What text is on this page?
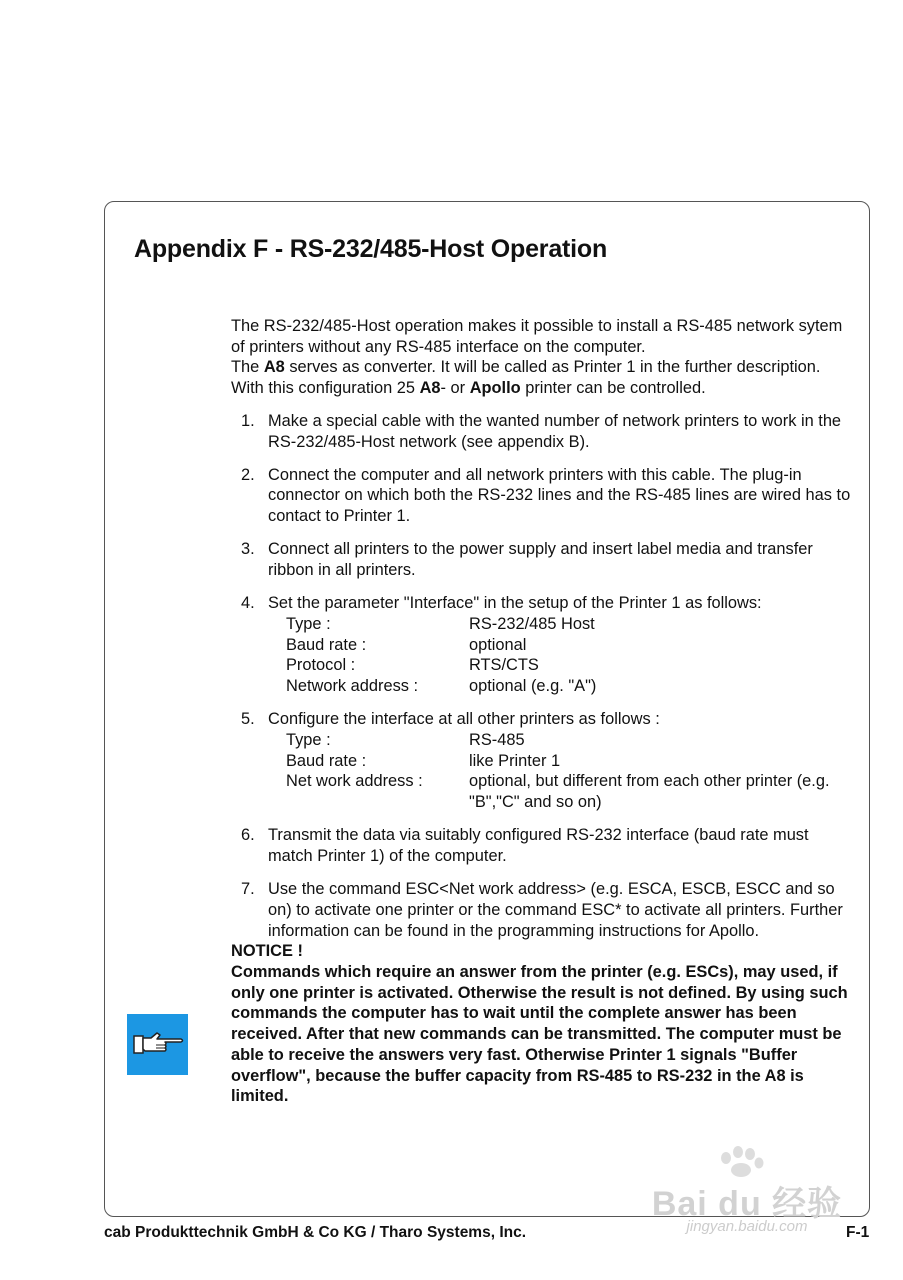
Appendix F - RS-232/485-Host Operation

The RS-232/485-Host operation makes it possible to install a RS-485 network sytem of printers without any RS-485 interface on the computer.
The A8 serves as converter. It will be called as Printer 1 in the further description. With this configuration 25 A8- or Apollo printer can be controlled.

1. Make a special cable with the wanted number of network printers to work in the RS-232/485-Host network (see appendix B).
2. Connect the computer and all network printers with this cable. The plug-in connector on which both the RS-232 lines and the RS-485 lines are wired has to contact to Printer 1.
3. Connect all printers to the power supply and insert label media and transfer ribbon in all printers.
4. Set the parameter "Interface" in the setup of the Printer 1 as follows:
Type :	RS-232/485 Host
Baud rate :	optional
Protocol :	RTS/CTS
Network address :	optional (e.g. "A")
5. Configure the interface at all other printers as follows :
Type :	RS-485
Baud rate :	like Printer 1
Net work address :	optional, but different from each other printer (e.g. "B","C" and so on)
6. Transmit the data via suitably configured RS-232 interface (baud rate must match Printer 1) of the computer.
7. Use the command ESC<Net work address> (e.g. ESCA, ESCB, ESCC and so on) to activate one printer or the command ESC* to activate all printers. Further information can be found in the programming instructions for Apollo.
NOTICE !
Commands which require an answer from the printer (e.g. ESCs), may used, if only one printer is activated. Otherwise the result is not defined. By using such commands the computer has to wait until the complete answer has been received. After that new commands can be transmitted. The computer must be able to receive the answers very fast. Otherwise Printer 1 signals "Buffer overflow", because the buffer capacity from RS-485 to RS-232 in the A8 is limited.
cab Produkttechnik GmbH & Co KG / Tharo Systems, Inc.	F-1
Bai du 经验
jingyan.baidu.com
